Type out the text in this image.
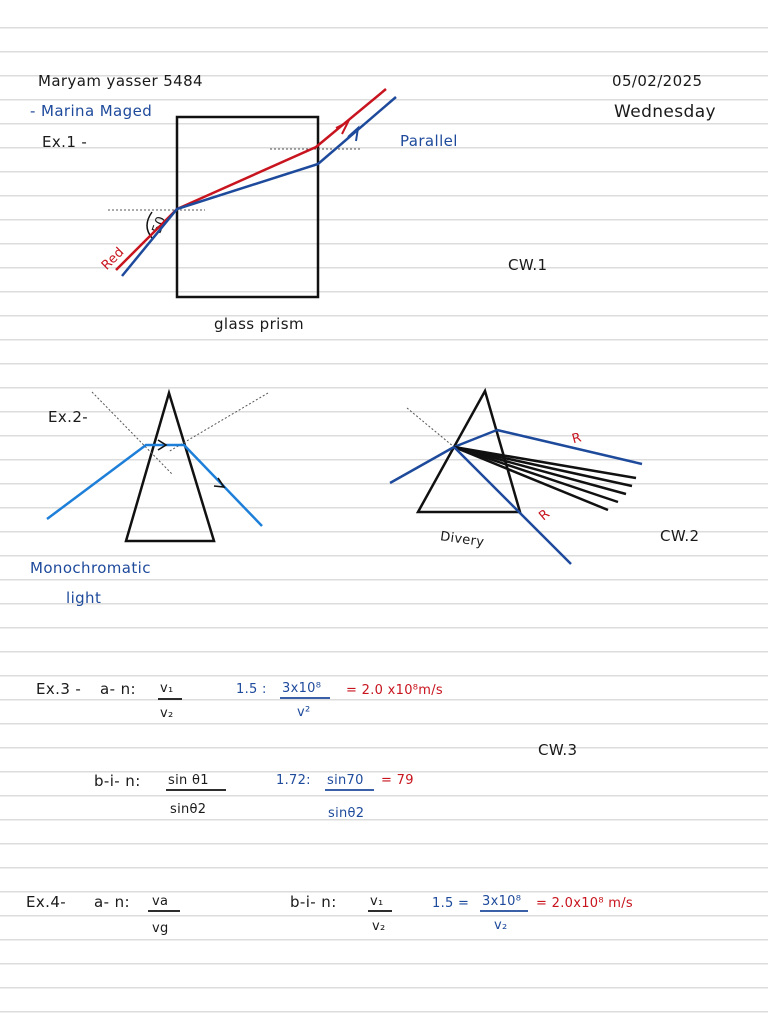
Maryam yasser 5484
- Marina Maged
05/02/2025
Wednesday
Ex.1 -
50
Red
Parallel
glass prism
CW.1
Ex.2-
Monochromatic
light
R
R
Divery	CW.2
Ex.3 - a- n: v₁
v₂
1.5 : 3x10⁸
v²
= 2.0 x10⁸m/s
CW.3
b-i- n: sin θ1
sinθ2
1.72: sin70
sinθ2
= 79
Ex.4- a- n: va
vg
b-i- n:	v₁
v₂
1.5 = 3x10⁸
v₂
= 2.0x10⁸ m/s
